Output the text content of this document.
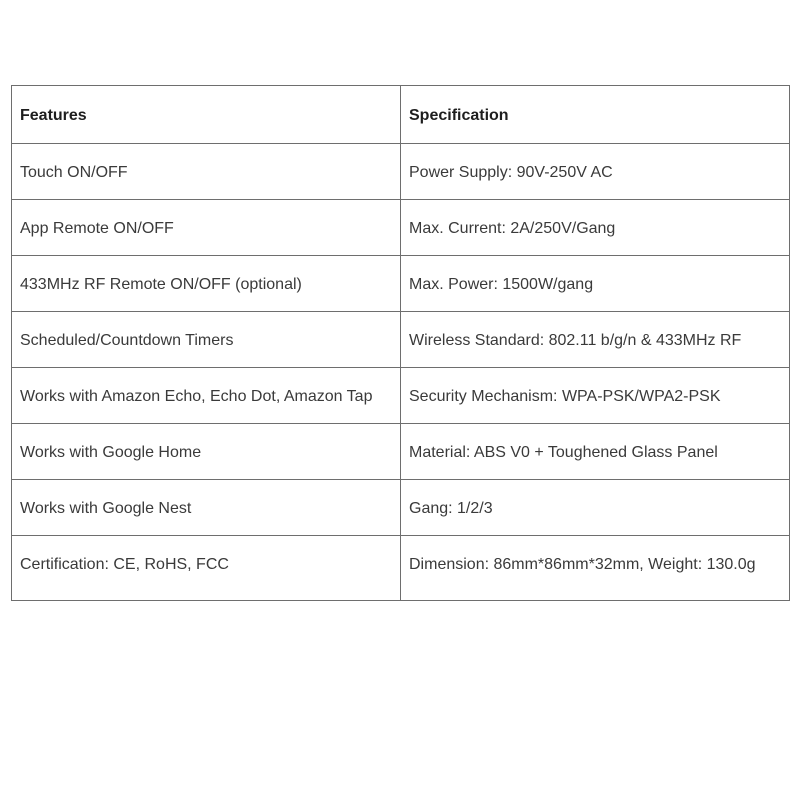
Features	Specification
Touch ON/OFF	Power Supply: 90V-250V AC
App Remote ON/OFF	Max. Current: 2A/250V/Gang
433MHz RF Remote ON/OFF (optional)	Max. Power: 1500W/gang
Scheduled/Countdown Timers	Wireless Standard: 802.11 b/g/n & 433MHz RF
Works with Amazon Echo, Echo Dot, Amazon Tap	Security Mechanism: WPA-PSK/WPA2-PSK
Works with Google Home	Material: ABS V0 + Toughened Glass Panel
Works with Google Nest	Gang: 1/2/3
Certification: CE, RoHS, FCC	Dimension: 86mm*86mm*32mm, Weight: 130.0g
